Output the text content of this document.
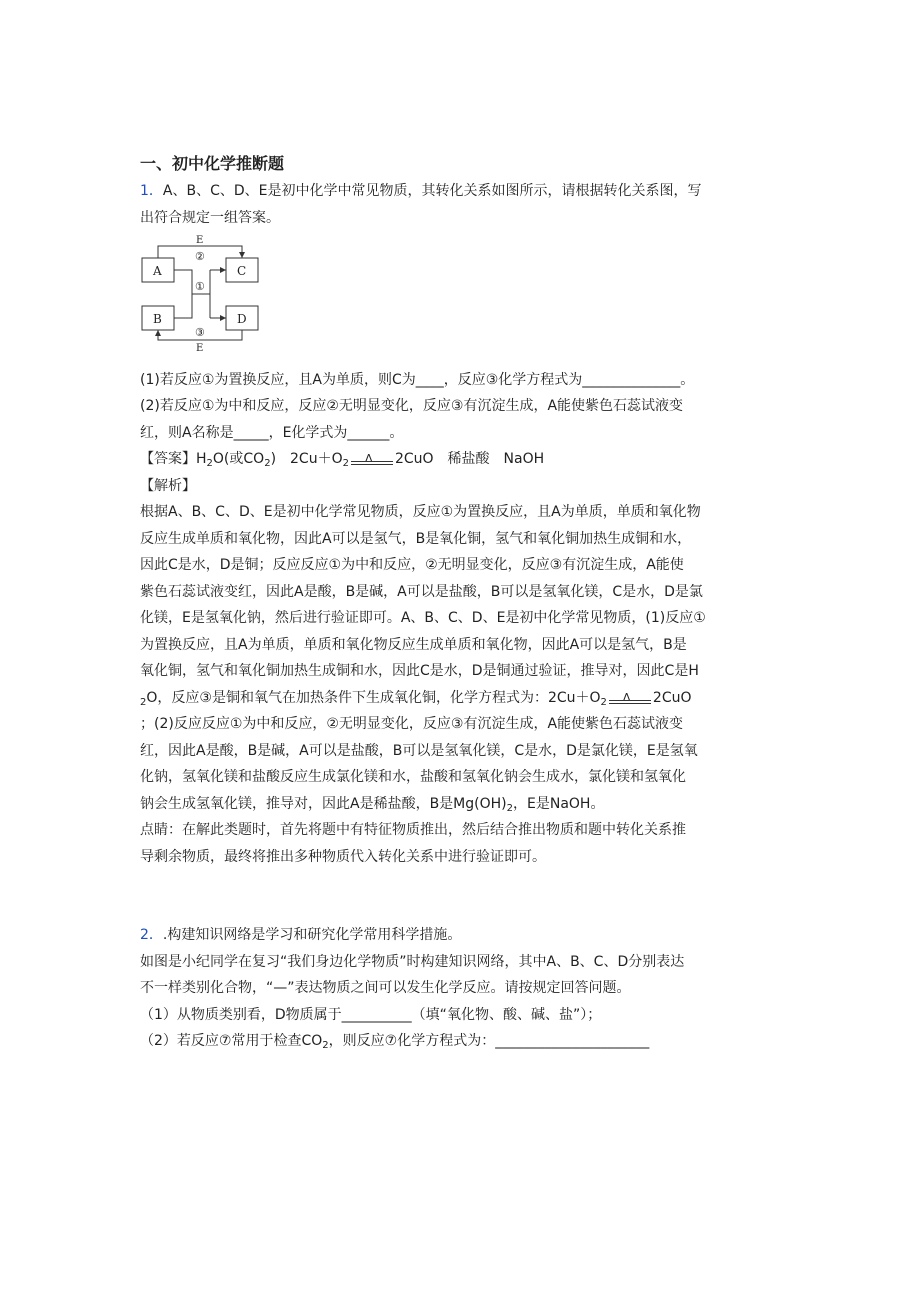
一、初中化学推断题
1．A、B、C、D、E是初中化学中常见物质，其转化关系如图所示，请根据转化关系图，写
出符合规定一组答案。
A	C
B	D
E
E
②
①
③
(1)若反应①为置换反应，且A为单质，则C为____，反应③化学方程式为______________。
(2)若反应①为中和反应，反应②无明显变化，反应③有沉淀生成，A能使紫色石蕊试液变
红，则A名称是_____，E化学式为______。
【答案】$H_2O$(或$CO_2$)　$2Cu+O_2$ Δ 2CuO　稀盐酸　NaOH
【解析】
根据A、B、C、D、E是初中化学常见物质，反应①为置换反应，且A为单质，单质和氧化物
反应生成单质和氧化物，因此A可以是氢气，B是氧化铜，氢气和氧化铜加热生成铜和水，
因此C是水，D是铜；反应反应①为中和反应，②无明显变化，反应③有沉淀生成，A能使
紫色石蕊试液变红，因此A是酸，B是碱，A可以是盐酸，B可以是氢氧化镁，C是水，D是氯
化镁，E是氢氧化钠，然后进行验证即可。A、B、C、D、E是初中化学常见物质，(1)反应①
为置换反应，且A为单质，单质和氧化物反应生成单质和氧化物，因此A可以是氢气，B是
氧化铜，氢气和氧化铜加热生成铜和水，因此C是水，D是铜通过验证，推导对，因此C是H
$_2$O，反应③是铜和氧气在加热条件下生成氧化铜，化学方程式为：$2Cu+O_2$ Δ 2CuO
；(2)反应反应①为中和反应，②无明显变化，反应③有沉淀生成，A能使紫色石蕊试液变
红，因此A是酸，B是碱，A可以是盐酸，B可以是氢氧化镁，C是水，D是氯化镁，E是氢氧
化钠，氢氧化镁和盐酸反应生成氯化镁和水，盐酸和氢氧化钠会生成水，氯化镁和氢氧化
钠会生成氢氧化镁，推导对，因此A是稀盐酸，B是$Mg(OH)_2$，E是NaOH。
点睛：在解此类题时，首先将题中有特征物质推出，然后结合推出物质和题中转化关系推
导剩余物质，最终将推出多种物质代入转化关系中进行验证即可。
2．.构建知识网络是学习和研究化学常用科学措施。
如图是小纪同学在复习“我们身边化学物质”时构建知识网络，其中A、B、C、D分别表达
不一样类别化合物，“—”表达物质之间可以发生化学反应。请按规定回答问题。
（1）从物质类别看，D物质属于__________（填“氧化物、酸、碱、盐”）；
（2）若反应⑦常用于检查$CO_2$，则反应⑦化学方程式为：______________________
